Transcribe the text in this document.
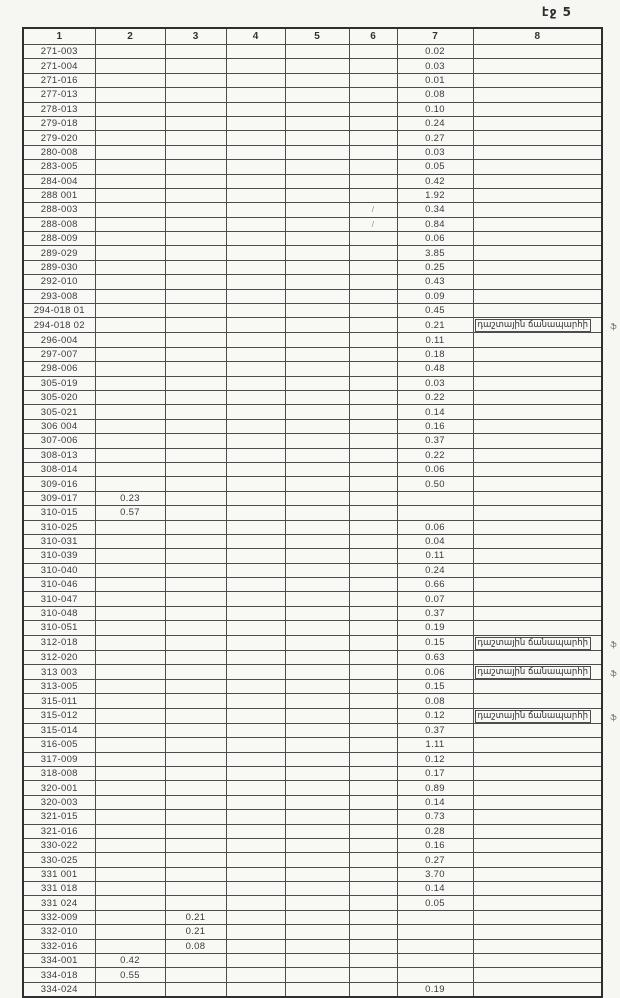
էջ 5
1	2	3	4	5	6	7	8
271-003						0.02	
271-004						0.03	
271-016						0.01	
277-013						0.08	
278-013						0.10	
279-018						0.24	
279-020						0.27	
280-008						0.03	
283-005						0.05	
284-004						0.42	
288 001						1.92	
288-003					/	0.34	
288-008					/	0.84	
288-009						0.06	
289-029						3.85	
289-030						0.25	
292-010						0.43	
293-008						0.09	
294-018 01						0.45	
294-018 02						0.21	դաշտային ճանապարհի ֆ

296-004						0.11	
297-007						0.18	
298-006						0.48	
305-019						0.03	
305-020						0.22	
305-021						0.14	
306 004						0.16	
307-006						0.37	
308-013						0.22	
308-014						0.06	
309-016						0.50	
309-017	0.23						
310-015	0.57						
310-025						0.06	
310-031						0.04	
310-039						0.11	
310-040						0.24	
310-046						0.66	
310-047						0.07	
310-048						0.37	
310-051						0.19	
312-018						0.15	դաշտային ճանապարհի ֆ

312-020						0.63	
313 003						0.06	դաշտային ճանապարհի ֆ

313-005						0.15	
315-011						0.08	
315-012						0.12	դաշտային ճանապարհի ֆ

315-014						0.37	
316-005						1.11	
317-009						0.12	
318-008						0.17	
320-001						0.89	
320-003						0.14	
321-015						0.73	
321-016						0.28	
330-022						0.16	
330-025						0.27	
331 001						3.70	
331 018						0.14	
331 024						0.05	
332-009		0.21					
332-010		0.21					
332-016		0.08					
334-001	0.42						
334-018	0.55						
334-024						0.19	
